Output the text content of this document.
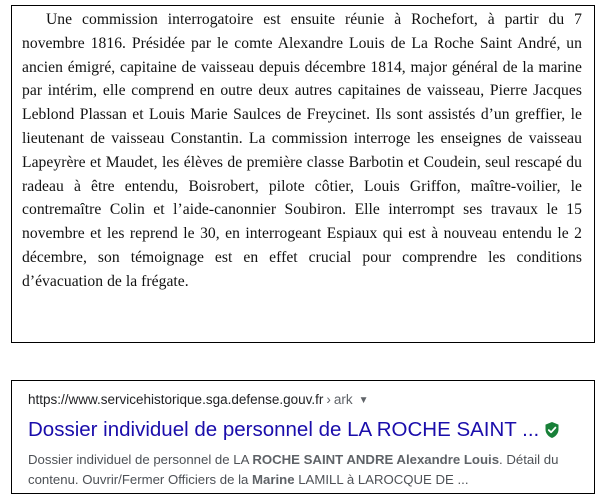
Une commission interrogatoire est ensuite réunie à Rochefort, à partir du 7 novembre 1816. Présidée par le comte Alexandre Louis de La Roche Saint André, un ancien émigré, capitaine de vaisseau depuis décembre 1814, major général de la marine par intérim, elle comprend en outre deux autres capitaines de vaisseau, Pierre Jacques Leblond Plassan et Louis Marie Saulces de Freycinet. Ils sont assistés d’un greffier, le lieutenant de vaisseau Constantin. La commission interroge les enseignes de vaisseau Lapeyrère et Maudet, les élèves de première classe Barbotin et Coudein, seul rescapé du radeau à être entendu, Boisrobert, pilote côtier, Louis Griffon, maître-voilier, le contremaître Colin et l’aide-canonnier Soubiron. Elle interrompt ses travaux le 15 novembre et les reprend le 30, en interrogeant Espiaux qui est à nouveau entendu le 2 décembre, son témoignage est en effet crucial pour comprendre les conditions d’évacuation de la frégate.

https://www.servicehistorique.sga.defense.gouv.fr › ark ▼
Dossier individuel de personnel de LA ROCHE SAINT ...
Dossier individuel de personnel de LA ROCHE SAINT ANDRE Alexandre Louis. Détail du contenu. Ouvrir/Fermer Officiers de la Marine LAMILL à LAROCQUE DE ...
